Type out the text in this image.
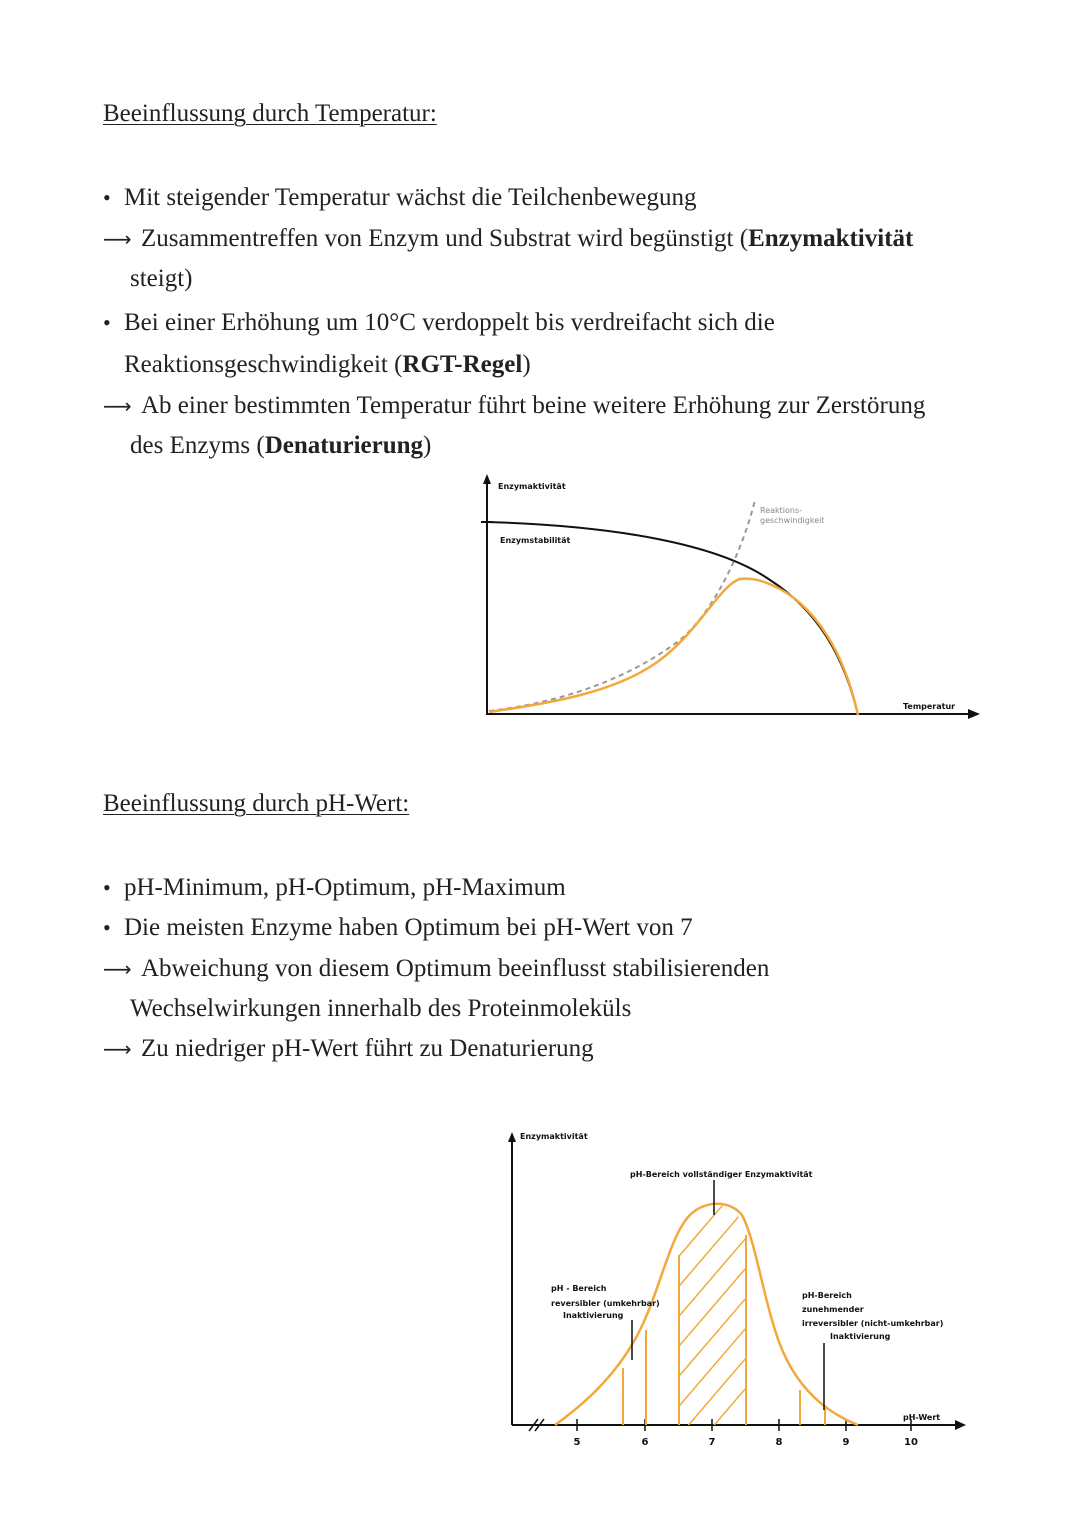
Beeinflussung durch Temperatur:
• Mit steigender Temperatur wächst die Teilchenbewegung
⟶ Zusammentreffen von Enzym und Substrat wird begünstigt (Enzymaktivität
steigt)
• Bei einer Erhöhung um 10°C verdoppelt bis verdreifacht sich die
Reaktionsgeschwindigkeit (RGT-Regel)
⟶ Ab einer bestimmten Temperatur führt beine weitere Erhöhung zur Zerstörung
des Enzyms (Denaturierung)
Beeinflussung durch pH-Wert:
• pH-Minimum, pH-Optimum, pH-Maximum
• Die meisten Enzyme haben Optimum bei pH-Wert von 7
⟶ Abweichung von diesem Optimum beeinflusst stabilisierenden
Wechselwirkungen innerhalb des Proteinmoleküls
⟶ Zu niedriger pH-Wert führt zu Denaturierung
Enzymaktivität
Enzymstabilität
Temperatur
Reaktions-
geschwindigkeit
Enzymaktivität
pH-Wert
5	6	7	8	9	10
pH-Bereich vollständiger Enzymaktivität
pH - Bereich
reversibler (umkehrbar)
Inaktivierung
pH-Bereich
zunehmender
irreversibler (nicht-umkehrbar)
Inaktivierung
